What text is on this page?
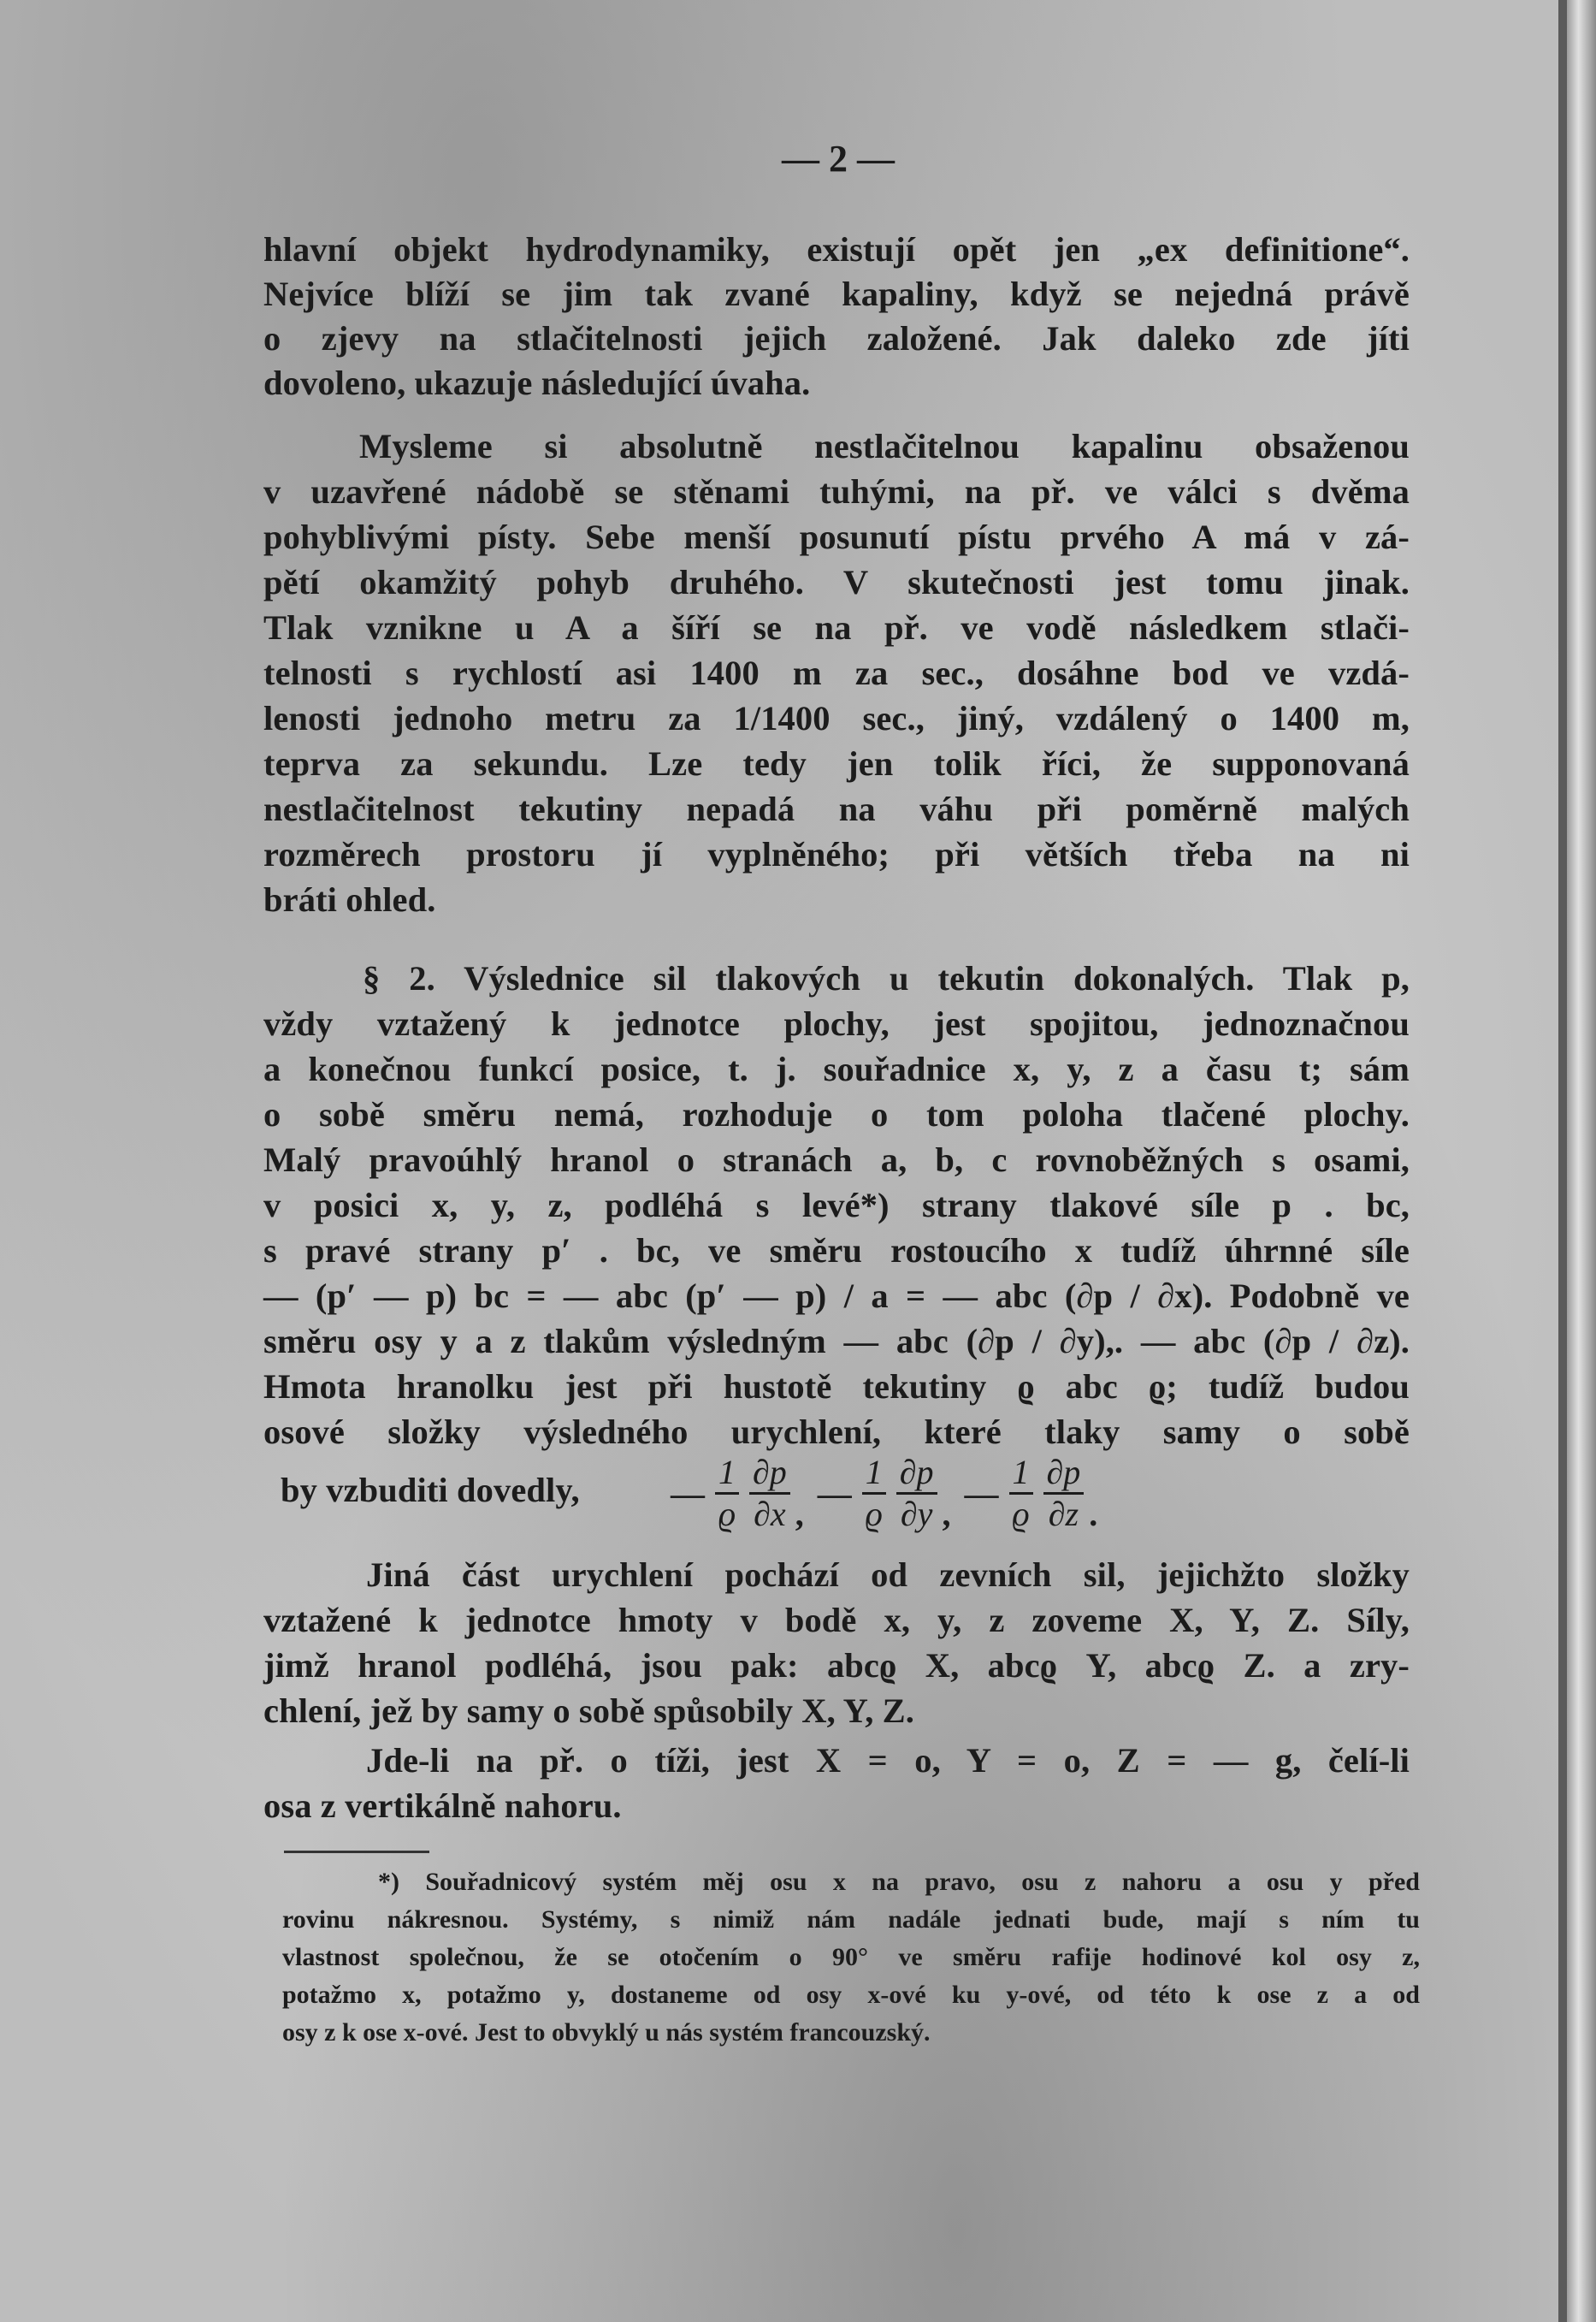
— 2 —
hlavní objekt hydrodynamiky, existují opět jen „ex definitione“.
Nejvíce blíží se jim tak zvané kapaliny, když se nejedná právě
o zjevy na stlačitelnosti jejich založené. Jak daleko zde jíti
dovoleno, ukazuje následující úvaha.
Mysleme si absolutně nestlačitelnou kapalinu obsaženou
v uzavřené nádobě se stěnami tuhými, na př. ve válci s dvěma
pohyblivými písty. Sebe menší posunutí pístu prvého A má v zá-
pětí okamžitý pohyb druhého. V skutečnosti jest tomu jinak.
Tlak vznikne u A a šíří se na př. ve vodě následkem stlači-
telnosti s rychlostí asi 1400 m za sec., dosáhne bod ve vzdá-
lenosti jednoho metru za 1/1400 sec., jiný, vzdálený o 1400 m,
teprva za sekundu. Lze tedy jen tolik říci, že supponovaná
nestlačitelnost tekutiny nepadá na váhu při poměrně malých
rozměrech prostoru jí vyplněného; při větších třeba na ni
bráti ohled.
§ 2. Výslednice sil tlakových u tekutin dokonalých. Tlak p,
vždy vztažený k jednotce plochy, jest spojitou, jednoznačnou
a konečnou funkcí posice, t. j. souřadnice x, y, z a času t; sám
o sobě směru nemá, rozhoduje o tom poloha tlačené plochy.
Malý pravoúhlý hranol o stranách a, b, c rovnoběžných s osami,
v posici x, y, z, podléhá s levé*) strany tlakové síle p . bc,
s pravé strany p′ . bc, ve směru rostoucího x tudíž úhrnné síle
— (p′ — p) bc = — abc (p′ — p) / a = — abc (∂p / ∂x). Podobně ve
směru osy y a z tlakům výsledným — abc (∂p / ∂y),. — abc (∂p / ∂z).
Hmota hranolku jest při hustotě tekutiny ϱ abc ϱ; tudíž budou
osové složky výsledného urychlení, které tlaky samy o sobě
by vzbuditi dovedly,	— $\frac{1}{ϱ} \frac{\partial p}{\partial x}$ ,
— $\frac{1}{ϱ} \frac{\partial p}{\partial y}$ ,
— $\frac{1}{ϱ} \frac{\partial p}{\partial z}$ .
Jiná část urychlení pochází od zevních sil, jejichžto složky
vztažené k jednotce hmoty v bodě x, y, z zoveme X, Y, Z. Síly,
jimž hranol podléhá, jsou pak: abcϱ X, abcϱ Y, abcϱ Z. a zry-
chlení, jež by samy o sobě spůsobily X, Y, Z.
Jde-li na př. o tíži, jest X = o, Y = o, Z = — g, čelí-li
osa z vertikálně nahoru.
*) Souřadnicový systém měj osu x na pravo, osu z nahoru a osu y před
rovinu nákresnou. Systémy, s nimiž nám nadále jednati bude, mají s ním tu
vlastnost společnou, že se otočením o 90° ve směru rafije hodinové kol osy z,
potažmo x, potažmo y, dostaneme od osy x-ové ku y-ové, od této k ose z a od
osy z k ose x-ové. Jest to obvyklý u nás systém francouzský.
